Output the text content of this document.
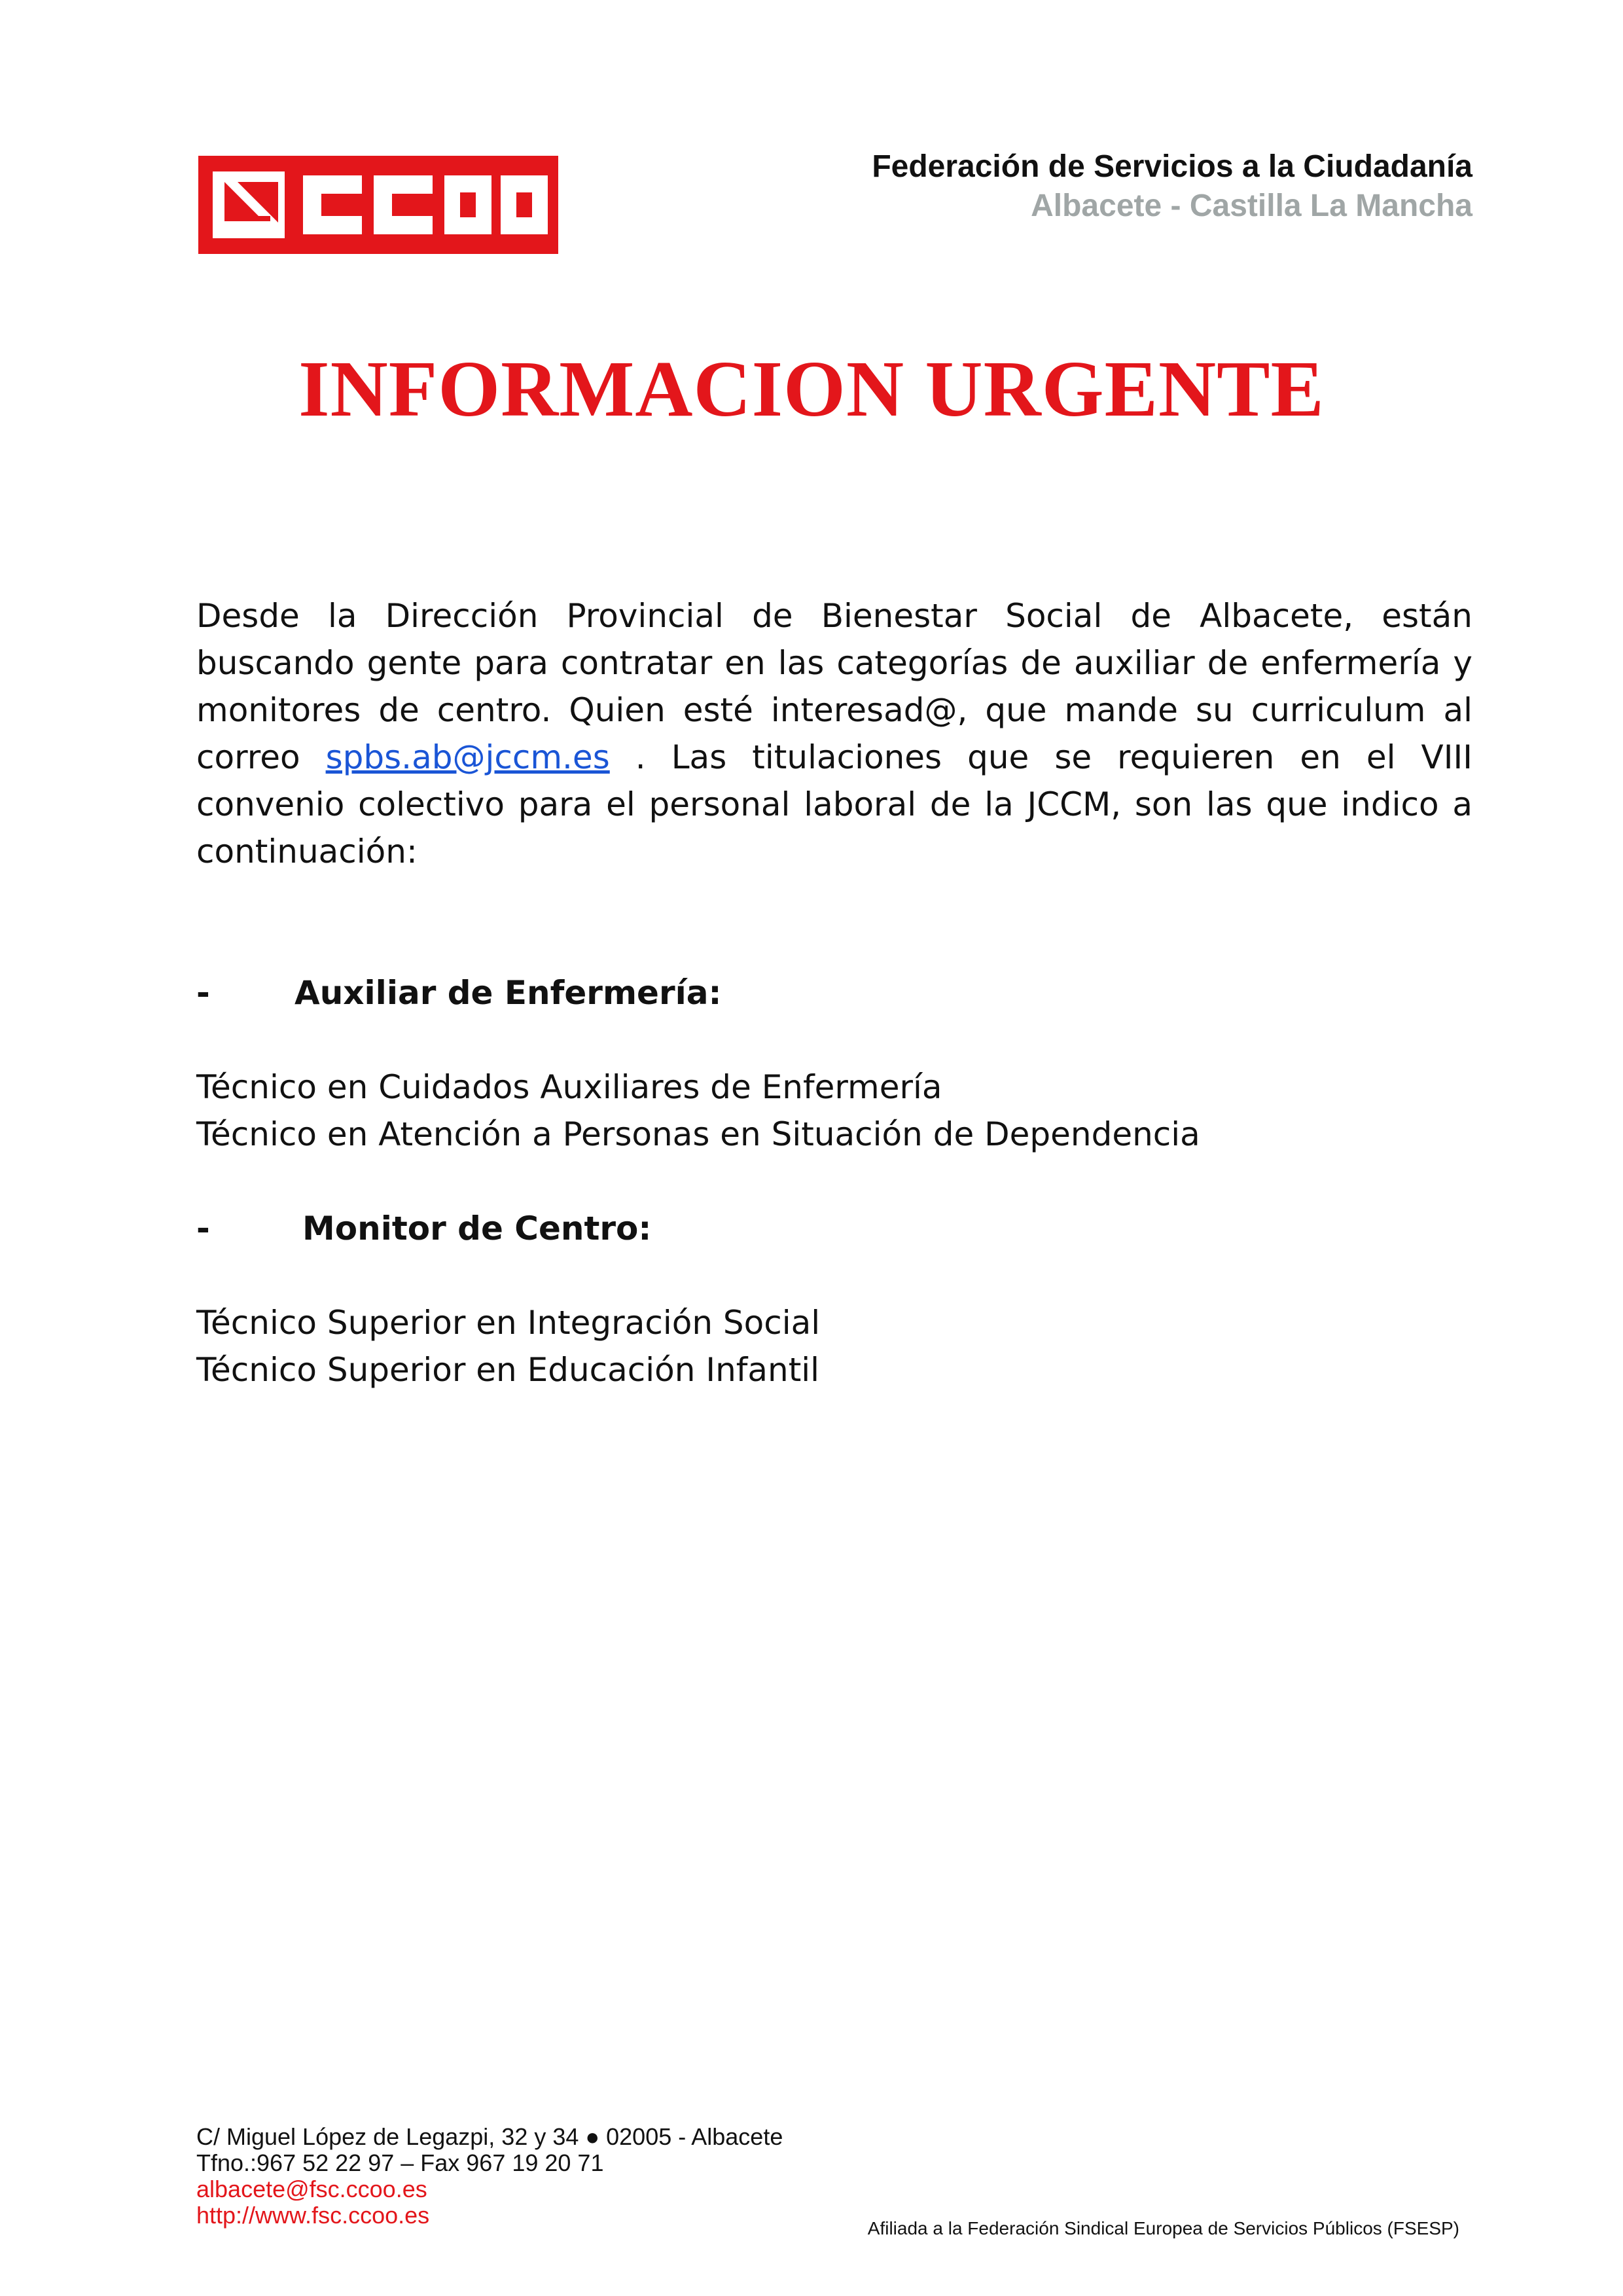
Federación de Servicios a la Ciudadanía
Albacete - Castilla La Mancha
INFORMACION URGENTE

Desde la Dirección Provincial de Bienestar Social de Albacete, están buscando gente para contratar en las categorías de auxiliar de enfermería y monitores de centro. Quien esté interesad@, que mande su curriculum al correo spbs.ab@jccm.es . Las titulaciones que se requieren en el VIII convenio colectivo para el personal laboral de la JCCM, son las que indico a continuación:

-	Auxiliar de Enfermería:

Técnico en Cuidados Auxiliares de Enfermería

Técnico en Atención a Personas en Situación de Dependencia

-	Monitor de Centro:

Técnico Superior en Integración Social

Técnico Superior en Educación Infantil

C/ Miguel López de Legazpi, 32 y 34 ● 02005 - Albacete
Tfno.:967 52 22 97 – Fax 967 19 20 71
albacete@fsc.ccoo.es
http://www.fsc.ccoo.es	Afiliada a la Federación Sindical Europea de Servicios Públicos (FSESP)
